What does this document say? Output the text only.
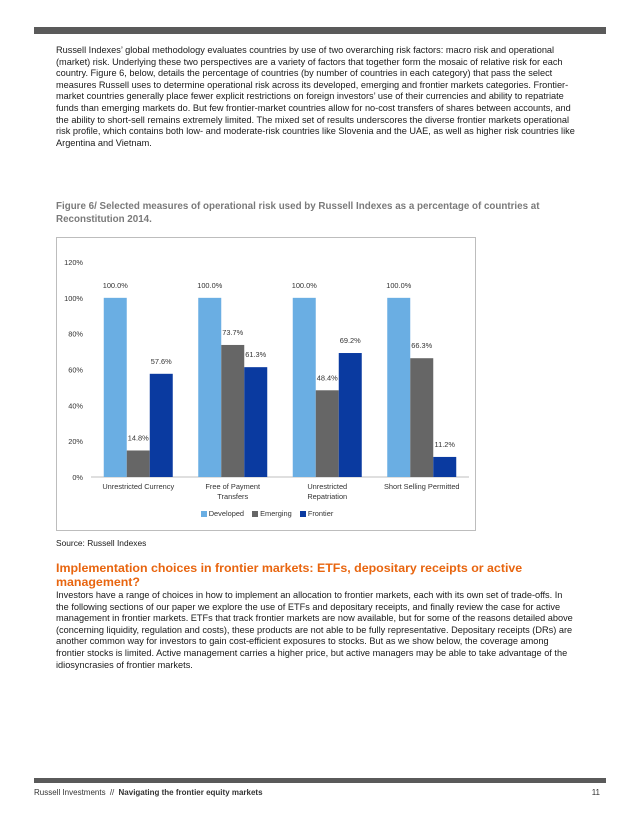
Russell Indexes’ global methodology evaluates countries by use of two overarching risk factors: macro risk and operational (market) risk. Underlying these two perspectives are a variety of factors that together form the mosaic of relative risk for each country. Figure 6, below, details the percentage of countries (by number of countries in each category) that pass the select measures Russell uses to determine operational risk across its developed, emerging and frontier markets categories. Frontier-market countries generally place fewer explicit restrictions on foreign investors’ use of their currencies and ability to repatriate funds than emerging markets do. But few frontier-market countries allow for no-cost transfers of shares between accounts, and the ability to short-sell remains extremely limited. The mixed set of results underscores the diverse frontier markets operational risk profile, which contains both low- and moderate-risk countries like Slovenia and the UAE, as well as higher risk countries like Argentina and Vietnam.

Figure 6/ Selected measures of operational risk used by Russell Indexes as a percentage of countries at Reconstitution 2014.

0%
20%
40%
60%
80%
100%
120%
100.0%
14.8%
57.6%
Unrestricted Currency
100.0%
73.7%
61.3%
Free of Payment
Transfers
100.0%
48.4%
69.2%
Unrestricted
Repatriation
100.0%
66.3%
11.2%
Short Selling Permitted
Developed Emerging Frontier

Source: Russell Indexes

Implementation choices in frontier markets: ETFs, depositary receipts or active management?

Investors have a range of choices in how to implement an allocation to frontier markets, each with its own set of trade-offs. In the following sections of our paper we explore the use of ETFs and depositary receipts, and finally review the case for active management in frontier markets. ETFs that track frontier markets are now available, but for some of the reasons detailed above (concerning liquidity, regulation and costs), these products are not able to be fully representative. Depositary receipts (DRs) are another common way for investors to gain cost-efficient exposures to stocks. But as we show below, the coverage among frontier stocks is limited. Active management carries a higher price, but active managers may be able to take advantage of the idiosyncrasies of frontier markets.

Russell Investments // Navigating the frontier equity markets	11
